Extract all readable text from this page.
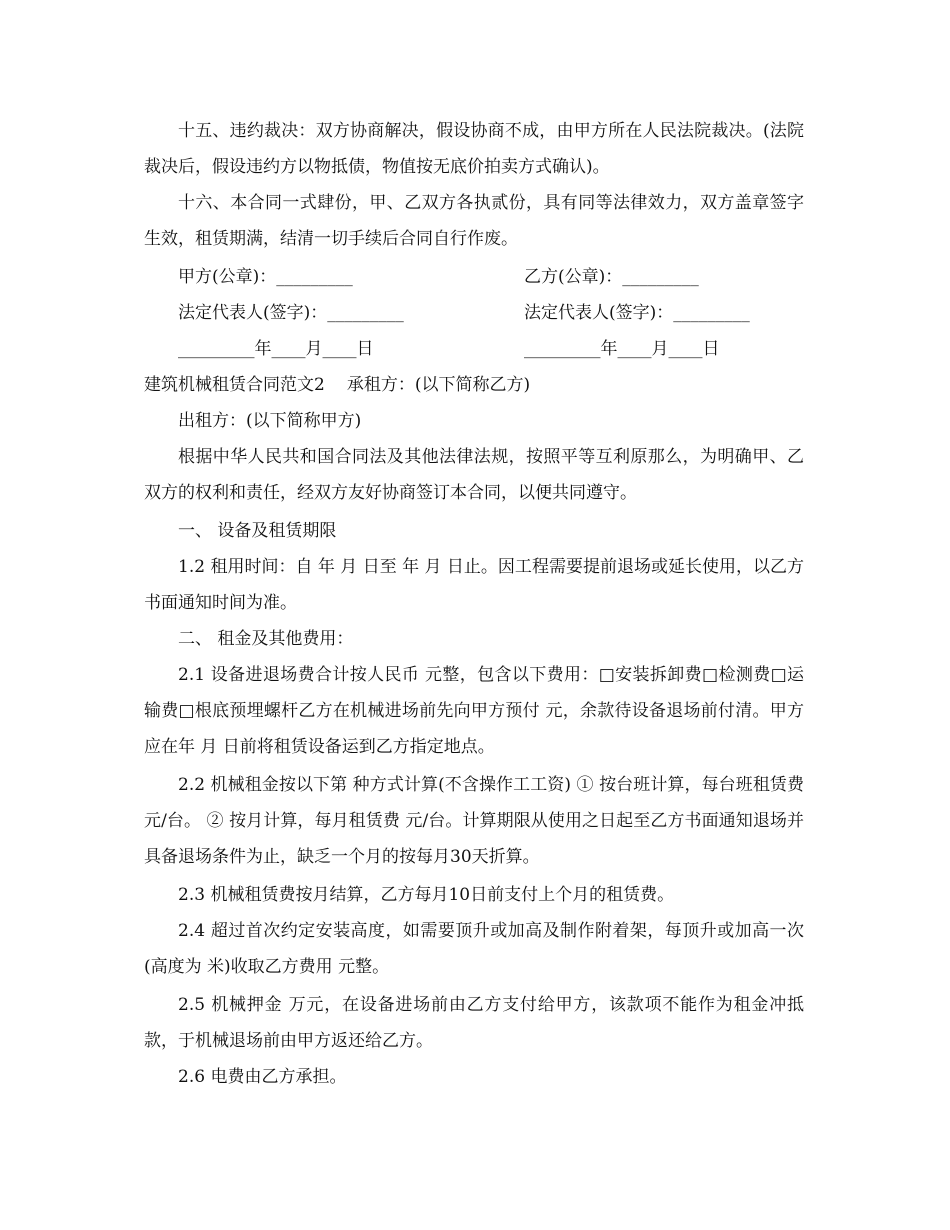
十五、违约裁决：双方协商解决，假设协商不成，由甲方所在人民法院裁决。(法院裁决后，假设违约方以物抵债，物值按无底价拍卖方式确认)。
十六、本合同一式肆份，甲、乙双方各执贰份，具有同等法律效力，双方盖章签字生效，租赁期满，结清一切手续后合同自行作废。
甲方(公章)：_________	乙方(公章)：_________
法定代表人(签字)：_________	法定代表人(签字)：_________
_________年____月____日	_________年____月____日
建筑机械租赁合同范文2 承租方：(以下简称乙方)
出租方：(以下简称甲方)
根据中华人民共和国合同法及其他法律法规，按照平等互利原那么，为明确甲、乙双方的权利和责任，经双方友好协商签订本合同，以便共同遵守。
一、 设备及租赁期限
1.2 租用时间：自 年 月 日至 年 月 日止。因工程需要提前退场或延长使用，以乙方书面通知时间为准。
二、 租金及其他费用：
2.1 设备进退场费合计按人民币 元整，包含以下费用：□安装拆卸费□检测费□运输费□根底预埋螺杆乙方在机械进场前先向甲方预付 元，余款待设备退场前付清。甲方应在年 月 日前将租赁设备运到乙方指定地点。
2.2 机械租金按以下第 种方式计算(不含操作工工资) ① 按台班计算，每台班租赁费 元/台。 ② 按月计算，每月租赁费 元/台。计算期限从使用之日起至乙方书面通知退场并具备退场条件为止，缺乏一个月的按每月30天折算。
2.3 机械租赁费按月结算，乙方每月10日前支付上个月的租赁费。
2.4 超过首次约定安装高度，如需要顶升或加高及制作附着架，每顶升或加高一次(高度为 米)收取乙方费用 元整。
2.5 机械押金 万元，在设备进场前由乙方支付给甲方，该款项不能作为租金冲抵款，于机械退场前由甲方返还给乙方。
2.6 电费由乙方承担。
